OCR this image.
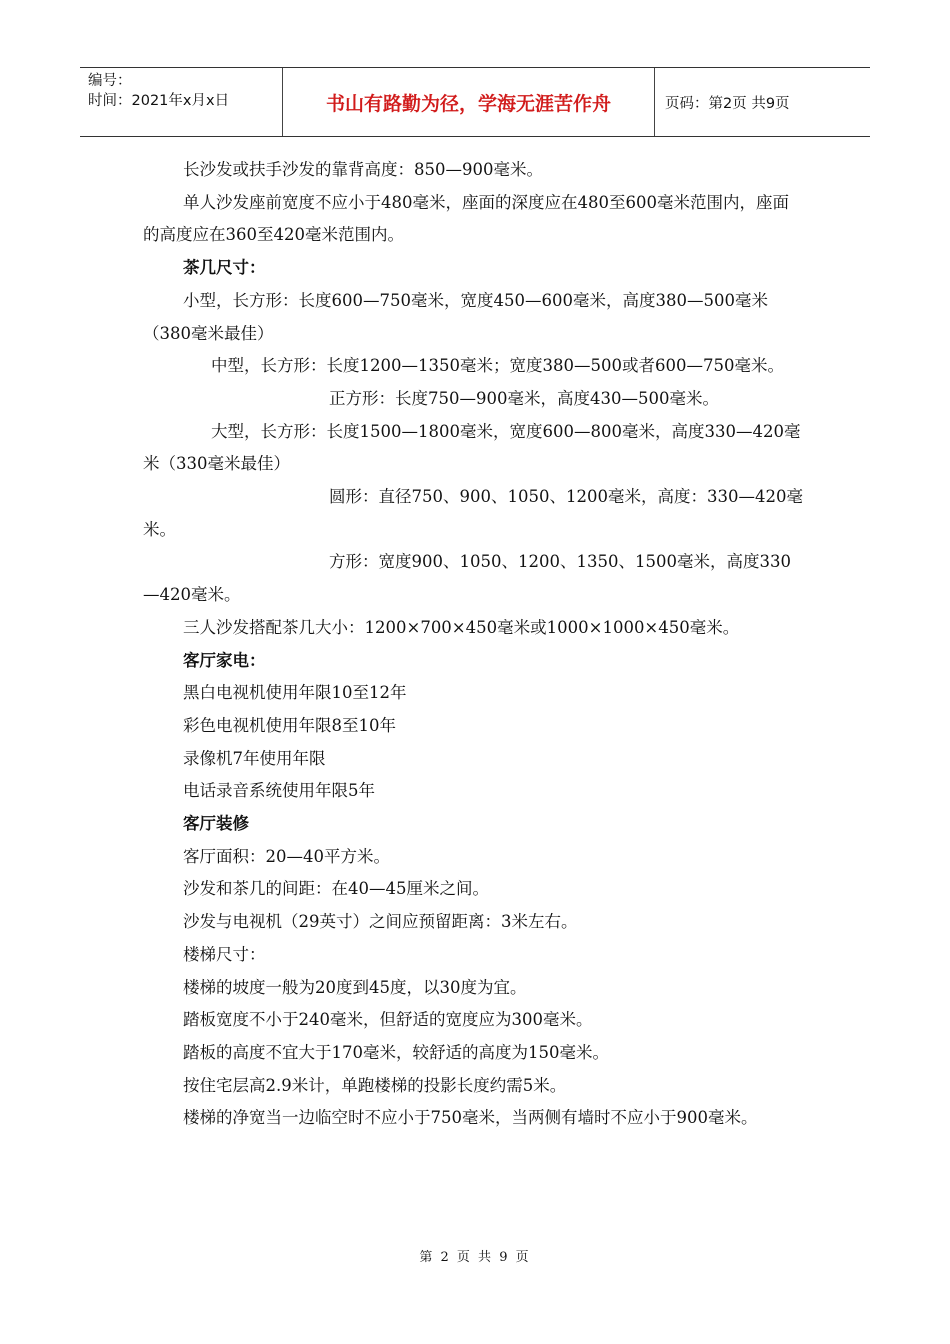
编号：
时间：2021年x月x日	书山有路勤为径，学海无涯苦作舟	页码：第2页 共9页

长沙发或扶手沙发的靠背高度：850—900毫米。

单人沙发座前宽度不应小于480毫米，座面的深度应在480至600毫米范围内，座面的高度应在360至420毫米范围内。

茶几尺寸：

小型，长方形：长度600—750毫米，宽度450—600毫米，高度380—500毫米（380毫米最佳）

中型，长方形：长度1200—1350毫米；宽度380—500或者600—750毫米。

正方形：长度750—900毫米，高度430—500毫米。

大型，长方形：长度1500—1800毫米，宽度600—800毫米，高度330—420毫米（330毫米最佳）

圆形：直径750、900、1050、1200毫米，高度：330—420毫米。

方形：宽度900、1050、1200、1350、1500毫米，高度330—420毫米。

三人沙发搭配茶几大小：1200×700×450毫米或1000×1000×450毫米。

客厅家电：

黑白电视机使用年限10至12年

彩色电视机使用年限8至10年

录像机7年使用年限

电话录音系统使用年限5年

客厅装修

客厅面积：20—40平方米。

沙发和茶几的间距：在40—45厘米之间。

沙发与电视机（29英寸）之间应预留距离：3米左右。

楼梯尺寸：

楼梯的坡度一般为20度到45度，以30度为宜。

踏板宽度不小于240毫米，但舒适的宽度应为300毫米。

踏板的高度不宜大于170毫米，较舒适的高度为150毫米。

按住宅层高2.9米计，单跑楼梯的投影长度约需5米。

楼梯的净宽当一边临空时不应小于750毫米，当两侧有墙时不应小于900毫米。

第 2 页 共 9 页
